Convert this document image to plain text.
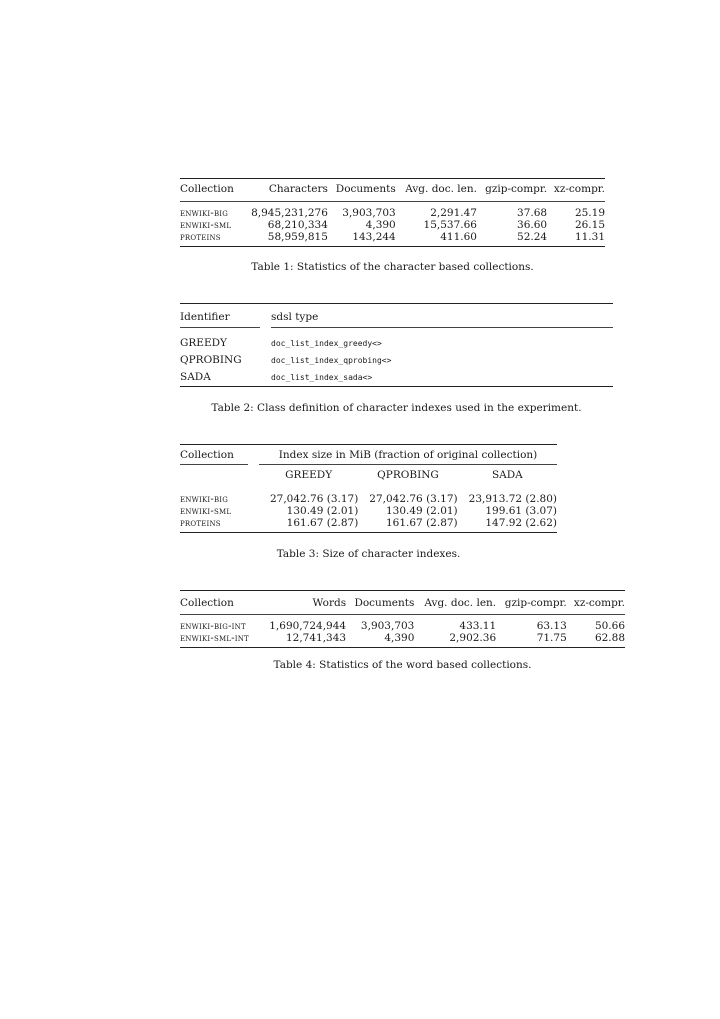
Collection	Characters	Documents	Avg. doc. len.	gzip-compr.	xz-compr.
enwiki-big	8,945,231,276	3,903,703	2,291.47	37.68	25.19
enwiki-sml	68,210,334	4,390	15,537.66	36.60	26.15
proteins	58,959,815	143,244	411.60	52.24	11.31
Table 1: Statistics of the character based collections.
Identifier		sdsl type
GREEDY		doc_list_index_greedy<>
QPROBING		doc_list_index_qprobing<>
SADA		doc_list_index_sada<>
Table 2: Class definition of character indexes used in the experiment.
Collection		Index size in MiB (fraction of original collection)		
		GREEDY	QPROBING	SADA
enwiki-big		27,042.76 (3.17)	27,042.76 (3.17)	23,913.72 (2.80)
enwiki-sml		130.49 (2.01)	130.49 (2.01)	199.61 (3.07)
proteins		161.67 (2.87)	161.67 (2.87)	147.92 (2.62)
Table 3: Size of character indexes.
Collection	Words	Documents	Avg. doc. len.	gzip-compr.	xz-compr.
enwiki-big-int	1,690,724,944	3,903,703	433.11	63.13	50.66
enwiki-sml-int	12,741,343	4,390	2,902.36	71.75	62.88
Table 4: Statistics of the word based collections.
